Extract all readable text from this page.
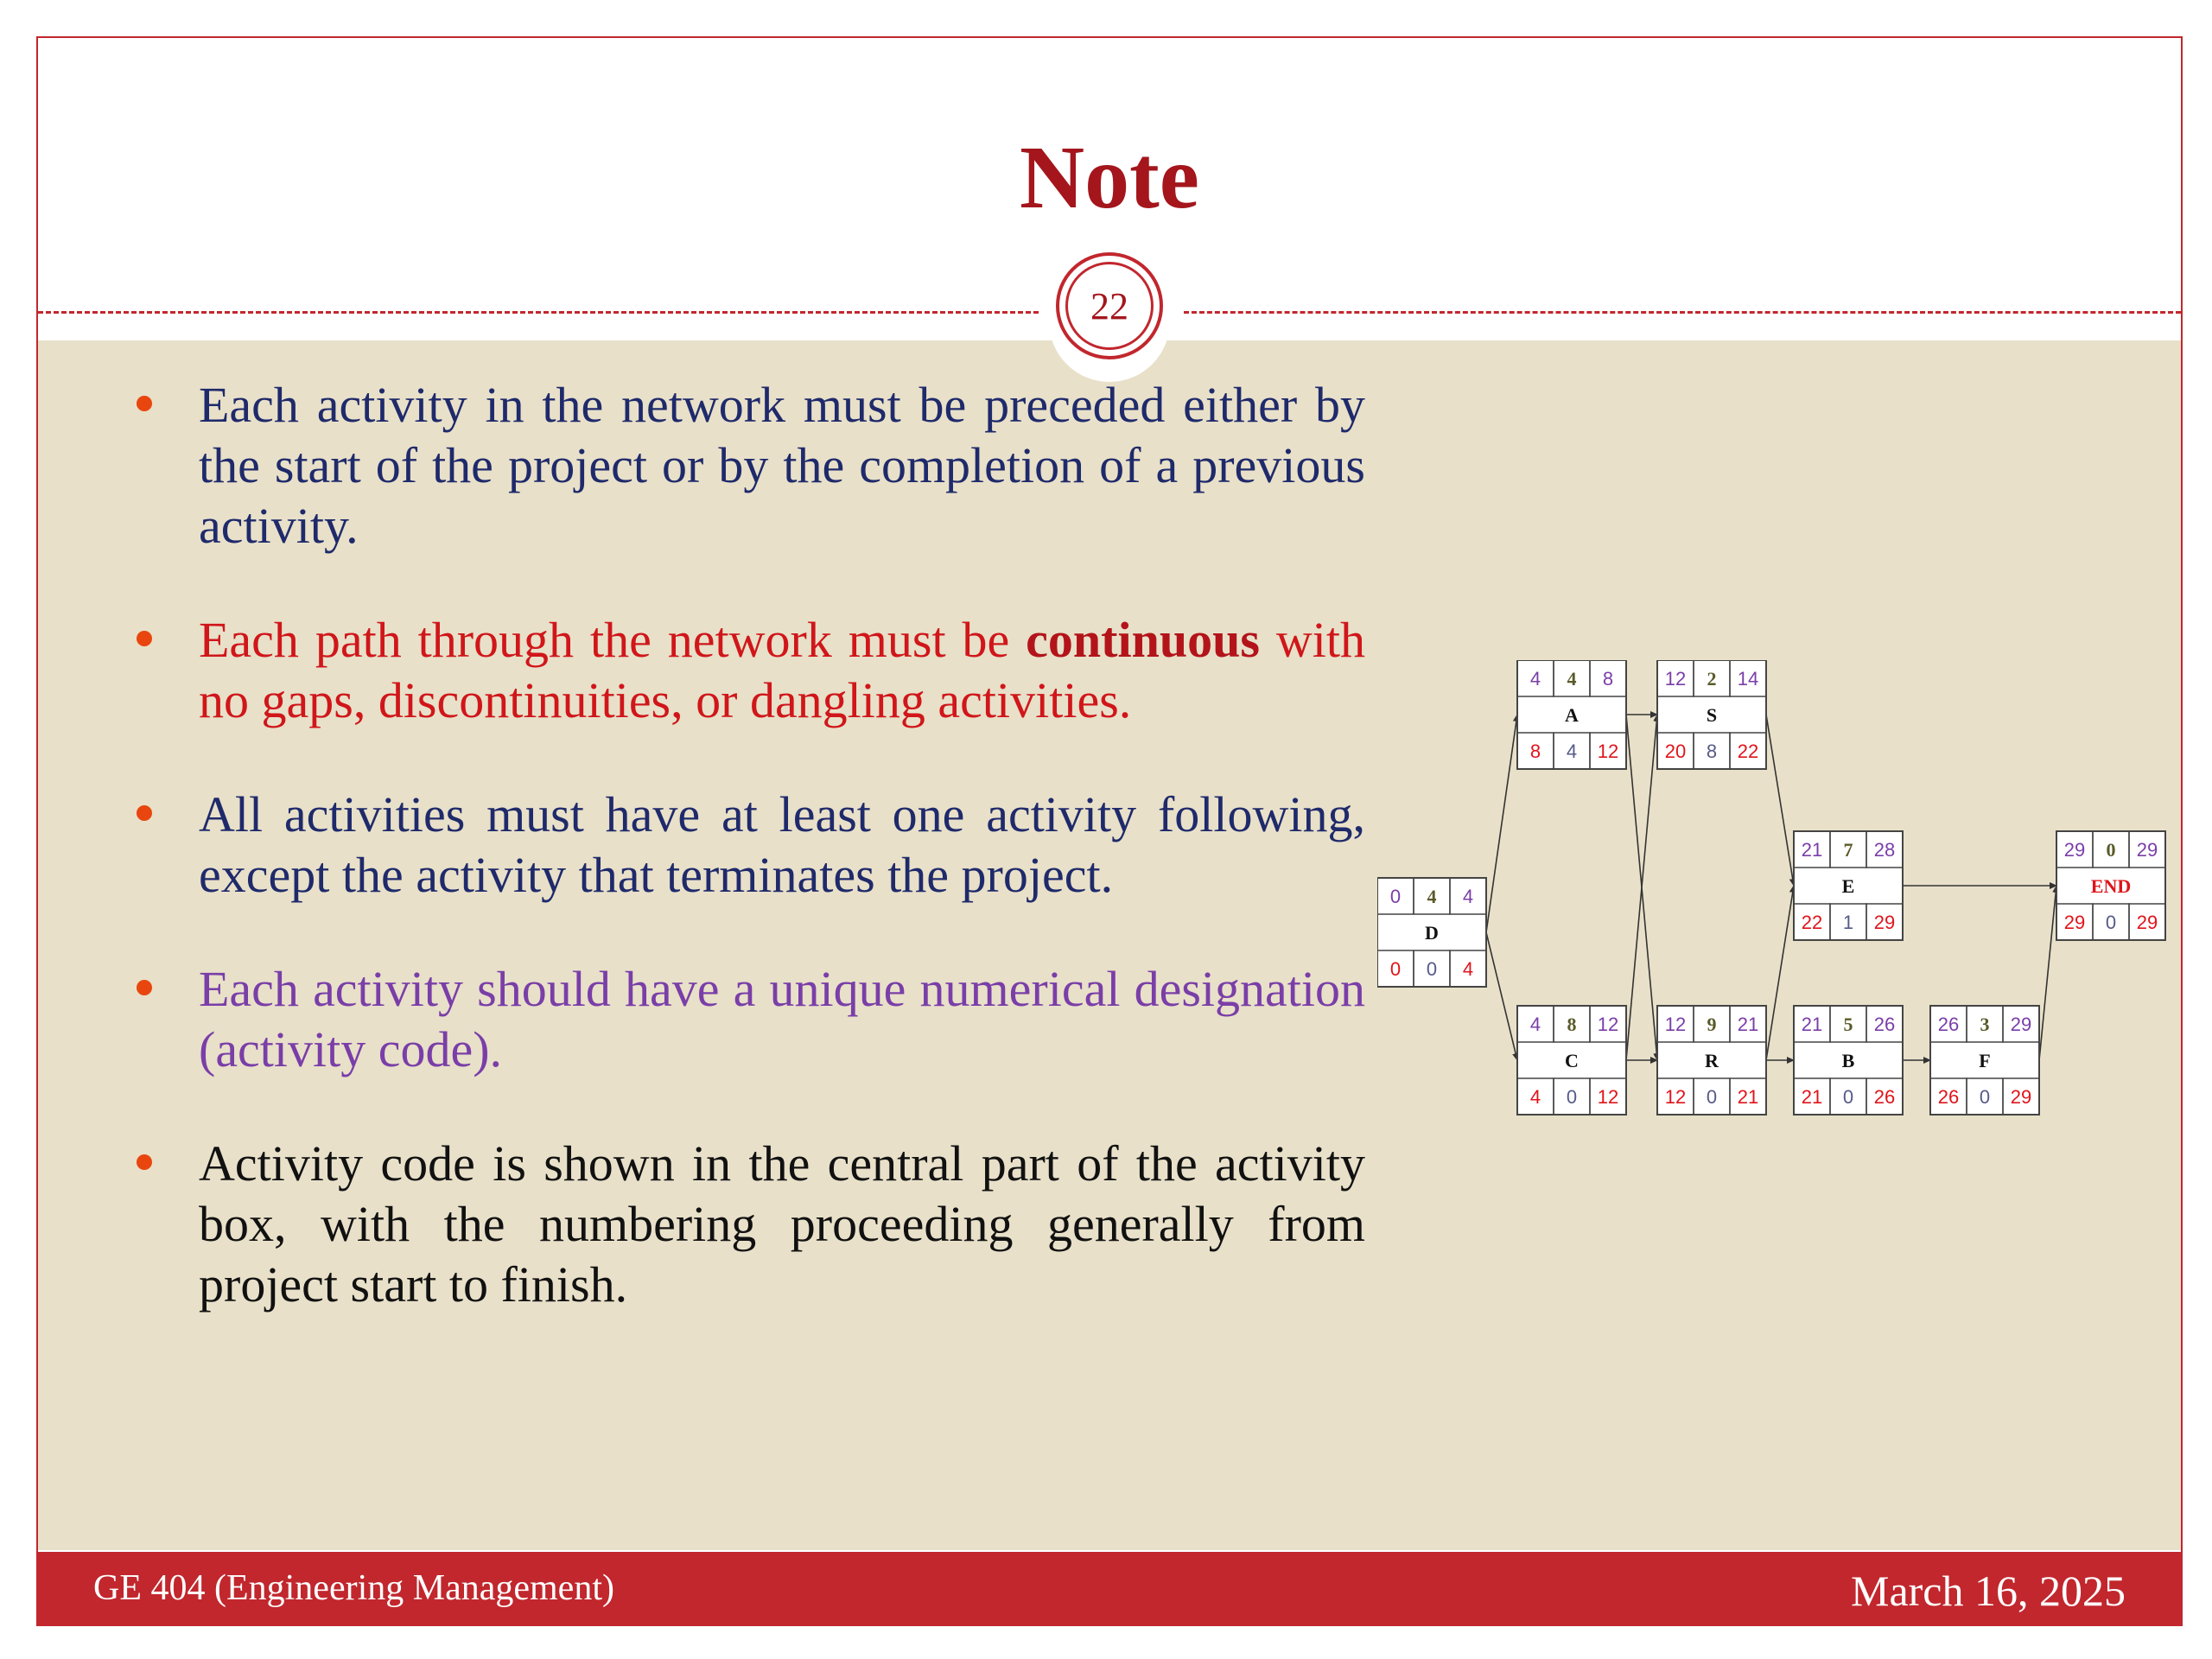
Note
22
Each activity in the network must be preceded either by the start of the project or by the completion of a previous activity.
Each path through the network must be continuous with no gaps, discontinuities, or dangling activities.
All activities must have at least one activity following, except the activity that terminates the project.
Each activity should have a unique numerical designation (activity code).
Activity code is shown in the central part of the activity box, with the numbering proceeding generally from project start to finish.
0
0
4
0
4
4
D
4
8
4
4
8
12
A
4
4
8
0
12
12
C
12
20
2
8
14
22
S
12
12
9
0
21
21
R
21
22
7
1
28
29
E
21
21
5
0
26
26
B
26
26
3
0
29
29
F
29
29
0
0
29
29
END
GE 404 (Engineering Management)	March 16, 2025
